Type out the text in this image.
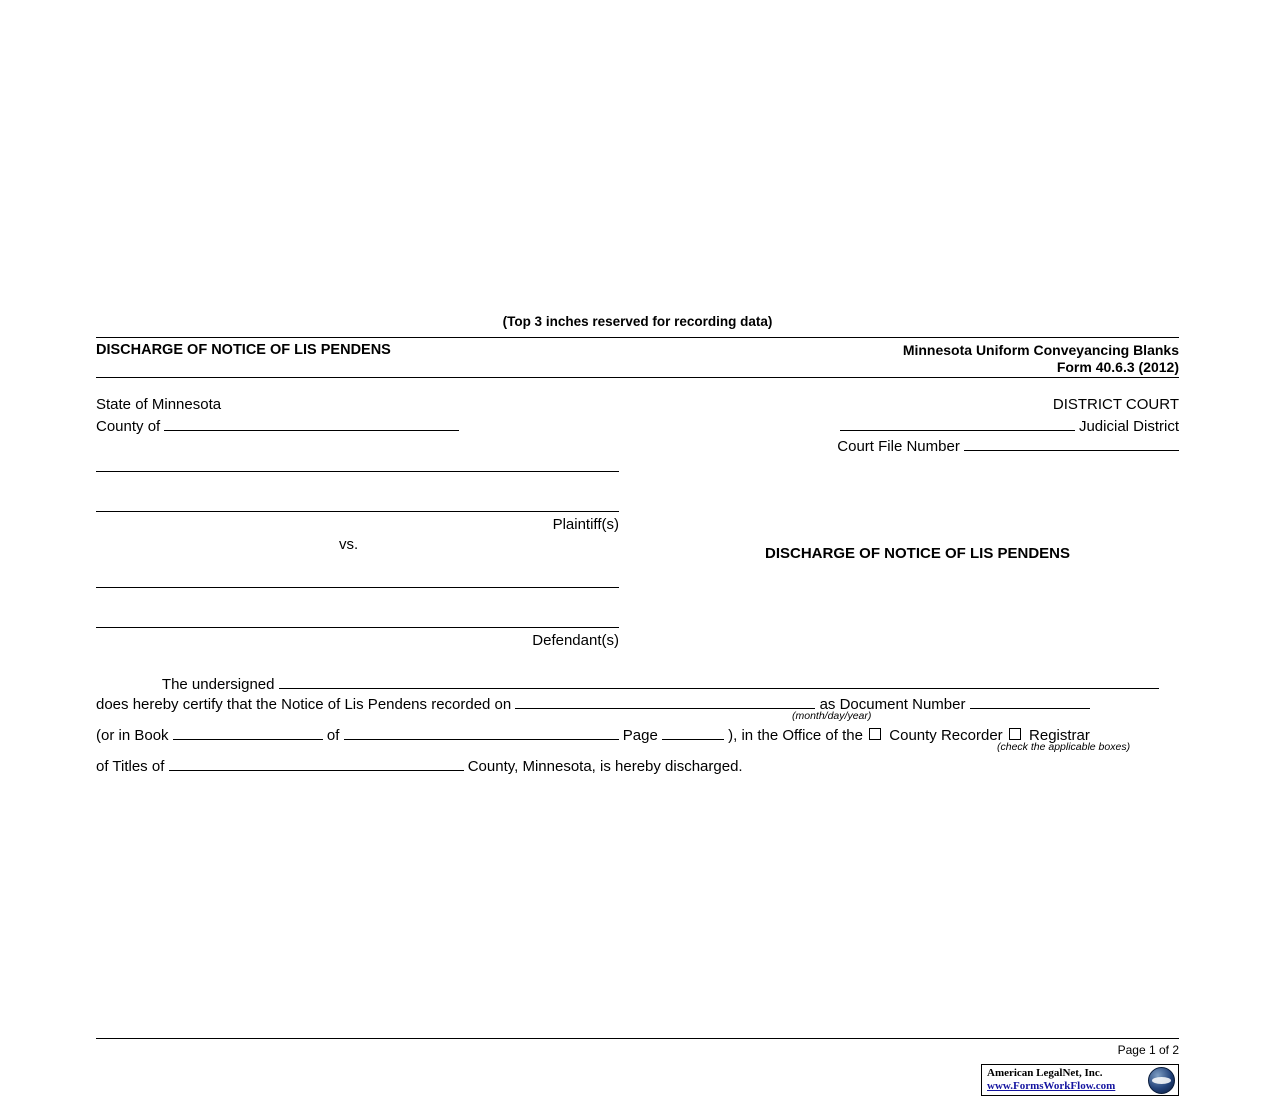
(Top 3 inches reserved for recording data)
DISCHARGE OF NOTICE OF LIS PENDENS	Minnesota Uniform Conveyancing Blanks
Form 40.6.3 (2012)
State of Minnesota
County of
DISTRICT COURT
Judicial District
Court File Number
Plaintiff(s)
vs.
DISCHARGE OF NOTICE OF LIS PENDENS
Defendant(s)
The undersigned
does hereby certify that the Notice of Lis Pendens recorded on	as Document Number
(month/day/year)
(or in Book	of	Page	), in the Office of the County Recorder Registrar
(check the applicable boxes)
of Titles of	County, Minnesota, is hereby discharged.
Page 1 of 2
American LegalNet, Inc.
www.FormsWorkFlow.com
